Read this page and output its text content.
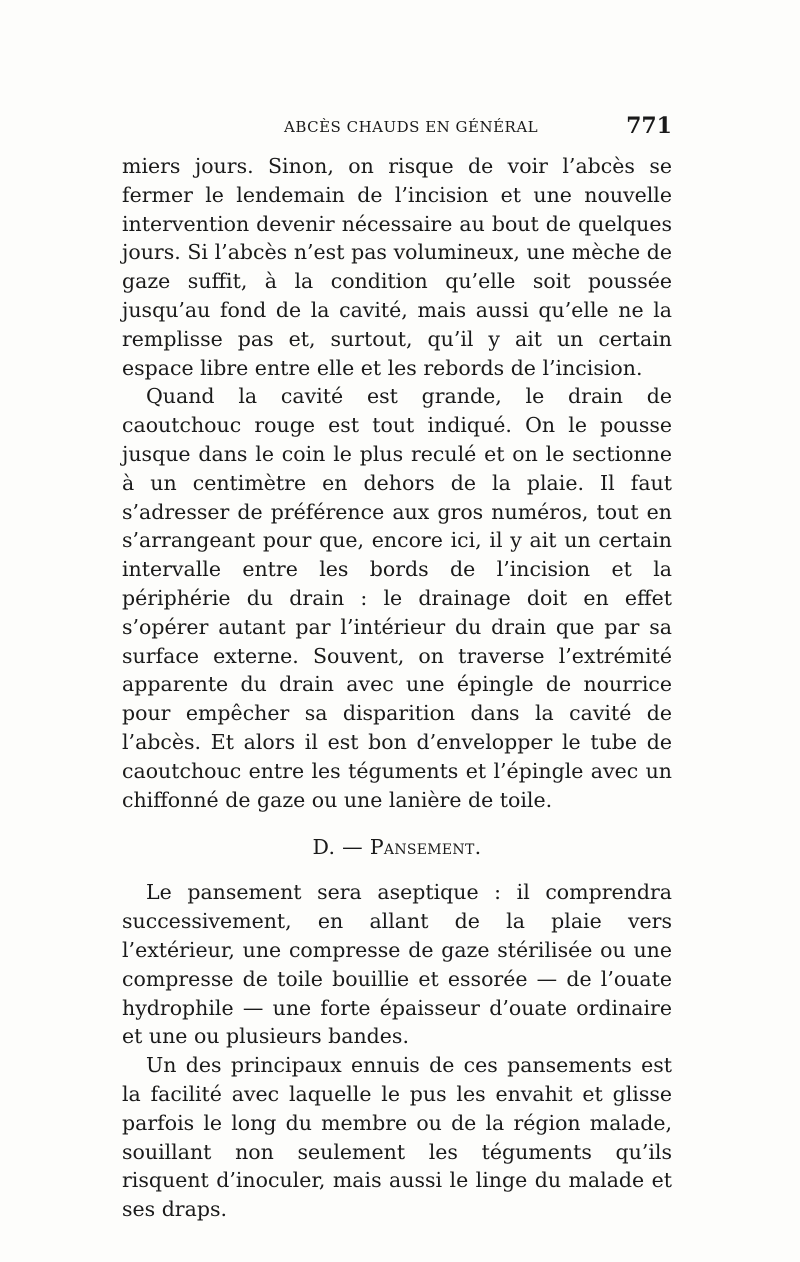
ABCÈS CHAUDS EN GÉNÉRAL	771

miers jours. Sinon, on risque de voir l’abcès se fermer le lendemain de l’incision et une nouvelle intervention devenir nécessaire au bout de quelques jours. Si l’abcès n’est pas volumineux, une mèche de gaze suffit, à la condition qu’elle soit poussée jusqu’au fond de la cavité, mais aussi qu’elle ne la remplisse pas et, surtout, qu’il y ait un certain espace libre entre elle et les rebords de l’incision.

Quand la cavité est grande, le drain de caoutchouc rouge est tout indiqué. On le pousse jusque dans le coin le plus reculé et on le sectionne à un centimètre en dehors de la plaie. Il faut s’adresser de préférence aux gros numéros, tout en s’arrangeant pour que, encore ici, il y ait un certain intervalle entre les bords de l’incision et la périphérie du drain : le drainage doit en effet s’opérer autant par l’intérieur du drain que par sa surface externe. Souvent, on traverse l’extrémité apparente du drain avec une épingle de nourrice pour empêcher sa disparition dans la cavité de l’abcès. Et alors il est bon d’envelopper le tube de caoutchouc entre les téguments et l’épingle avec un chiffonné de gaze ou une lanière de toile.

D. — Pansement.

Le pansement sera aseptique : il comprendra successivement, en allant de la plaie vers l’extérieur, une compresse de gaze stérilisée ou une compresse de toile bouillie et essorée — de l’ouate hydrophile — une forte épaisseur d’ouate ordinaire et une ou plusieurs bandes.

Un des principaux ennuis de ces pansements est la facilité avec laquelle le pus les envahit et glisse parfois le long du membre ou de la région malade, souillant non seulement les téguments qu’ils risquent d’inoculer, mais aussi le linge du malade et ses draps.
